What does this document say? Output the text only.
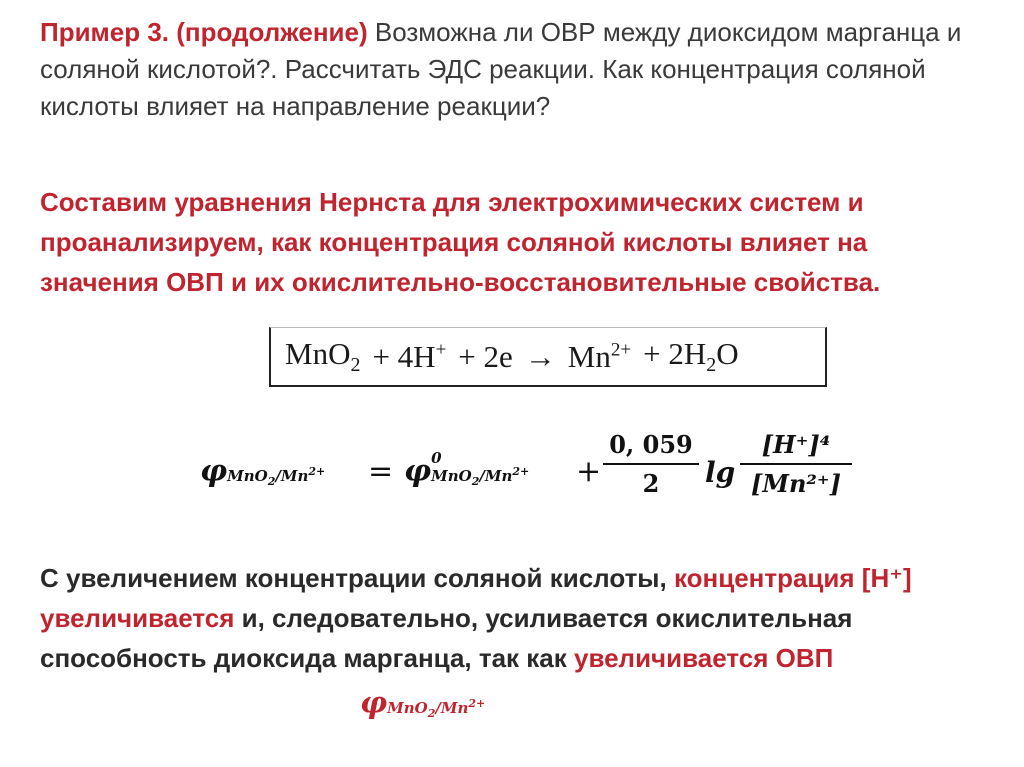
Пример 3. (продолжение) Возможна ли ОВР между диоксидом марганца и соляной кислотой?. Рассчитать ЭДС реакции. Как концентрация соляной кислоты влияет на направление реакции?
Составим уравнения Нернста для электрохимических систем и проанализируем, как концентрация соляной кислоты влияет на значения ОВП и их окислительно-восстановительные свойства.
$MnO_2 + 4H^+ + 2e \to Mn^{2+} + 2H_2O$
$\varphi MnO_2/Mn^{2+} = \varphi$ 0
$MnO_2/Mn^{2+}$ +
0, 059
2	lg
[H⁺]⁴
[Mn²⁺]
С увеличением концентрации соляной кислоты, концентрация [H⁺] увеличивается и, следовательно, усиливается окислительная способность диоксида марганца, так как увеличивается ОВП
$\varphi MnO_2/Mn^{2+}$
